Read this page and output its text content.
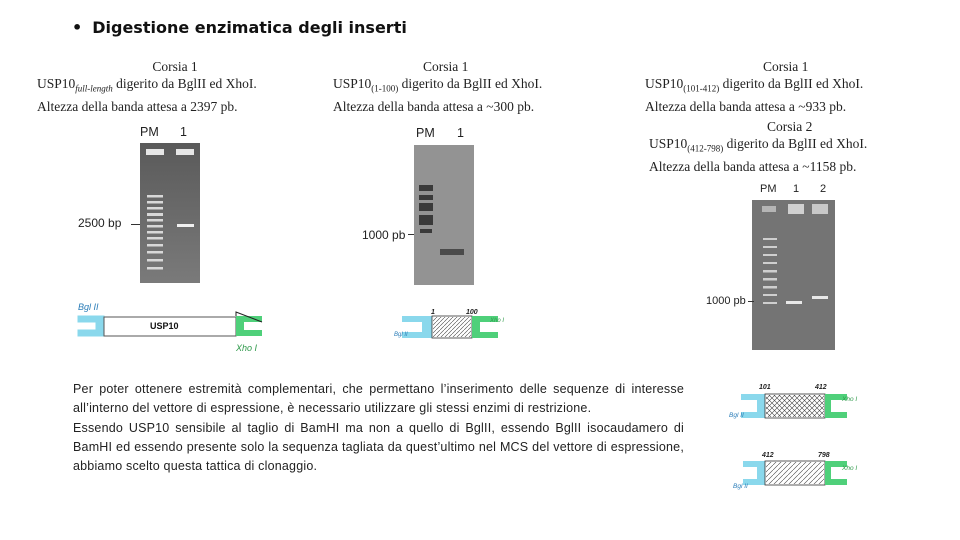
• Digestione enzimatica degli inserti
Corsia 1
$USP10_{full-length}$ digerito da BglII ed XhoI.
Altezza della banda attesa a 2397 pb.
PM 1
2500 bp
Bgl II
USP10
Xho I
Corsia 1
$USP10_{(1-100)}$ digerito da BglII ed XhoI.
Altezza della banda attesa a ~300 pb.
PM 1
1000 pb
1	100
Bgl II
Xho I
Corsia 1
$USP10_{(101-412)}$ digerito da BglII ed XhoI.
Altezza della banda attesa a ~933 pb.
Corsia 2
$USP10_{(412-798)}$ digerito da BglII ed XhoI.
Altezza della banda attesa a ~1158 pb.
PM 1 2
1000 pb
101	412
Bgl II
Xho I
412	798
Bgl II
Xho I

Per poter ottenere estremità complementari, che permettano l’inserimento delle sequenze di interesse all’interno del vettore di espressione, è necessario utilizzare gli stessi enzimi di restrizione.

Essendo USP10 sensibile al taglio di BamHI ma non a quello di BglII, essendo BglII isocaudamero di BamHI ed essendo presente solo la sequenza tagliata da quest’ultimo nel MCS del vettore di espressione, abbiamo scelto questa tattica di clonaggio.
